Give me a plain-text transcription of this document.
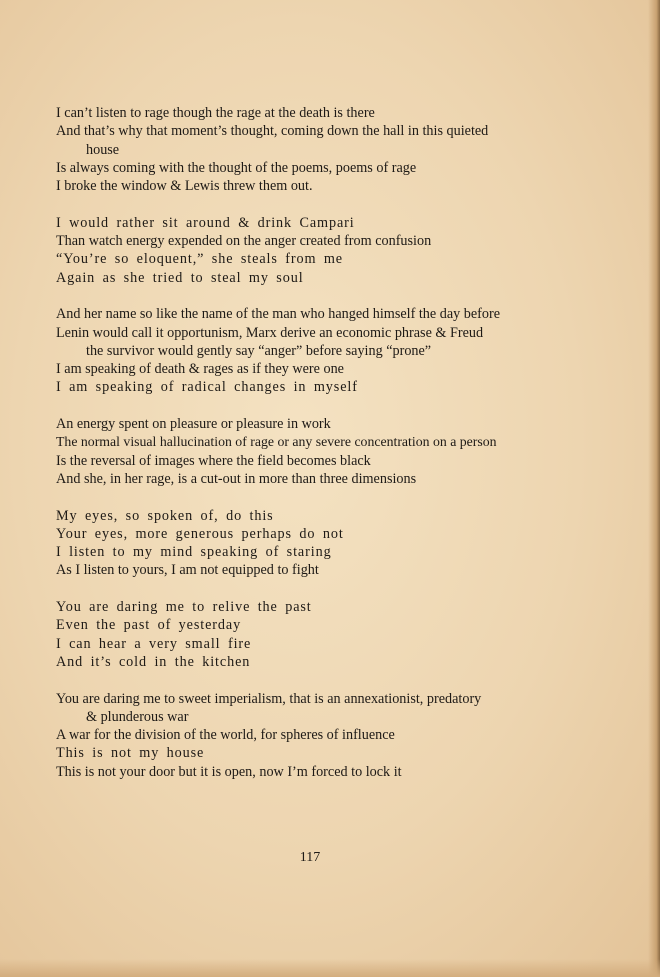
I can’t listen to rage though the rage at the death is there
And that’s why that moment’s thought, coming down the hall in this quieted
house
Is always coming with the thought of the poems, poems of rage
I broke the window & Lewis threw them out.
I would rather sit around & drink Campari
Than watch energy expended on the anger created from confusion
“You’re so eloquent,” she steals from me
Again as she tried to steal my soul
And her name so like the name of the man who hanged himself the day before
Lenin would call it opportunism, Marx derive an economic phrase & Freud
the survivor would gently say “anger” before saying “prone”
I am speaking of death & rages as if they were one
I am speaking of radical changes in myself
An energy spent on pleasure or pleasure in work
The normal visual hallucination of rage or any severe concentration on a person
Is the reversal of images where the field becomes black
And she, in her rage, is a cut-out in more than three dimensions
My eyes, so spoken of, do this
Your eyes, more generous perhaps do not
I listen to my mind speaking of staring
As I listen to yours, I am not equipped to fight
You are daring me to relive the past
Even the past of yesterday
I can hear a very small fire
And it’s cold in the kitchen
You are daring me to sweet imperialism, that is an annexationist, predatory
& plunderous war
A war for the division of the world, for spheres of influence
This is not my house
This is not your door but it is open, now I’m forced to lock it
117
